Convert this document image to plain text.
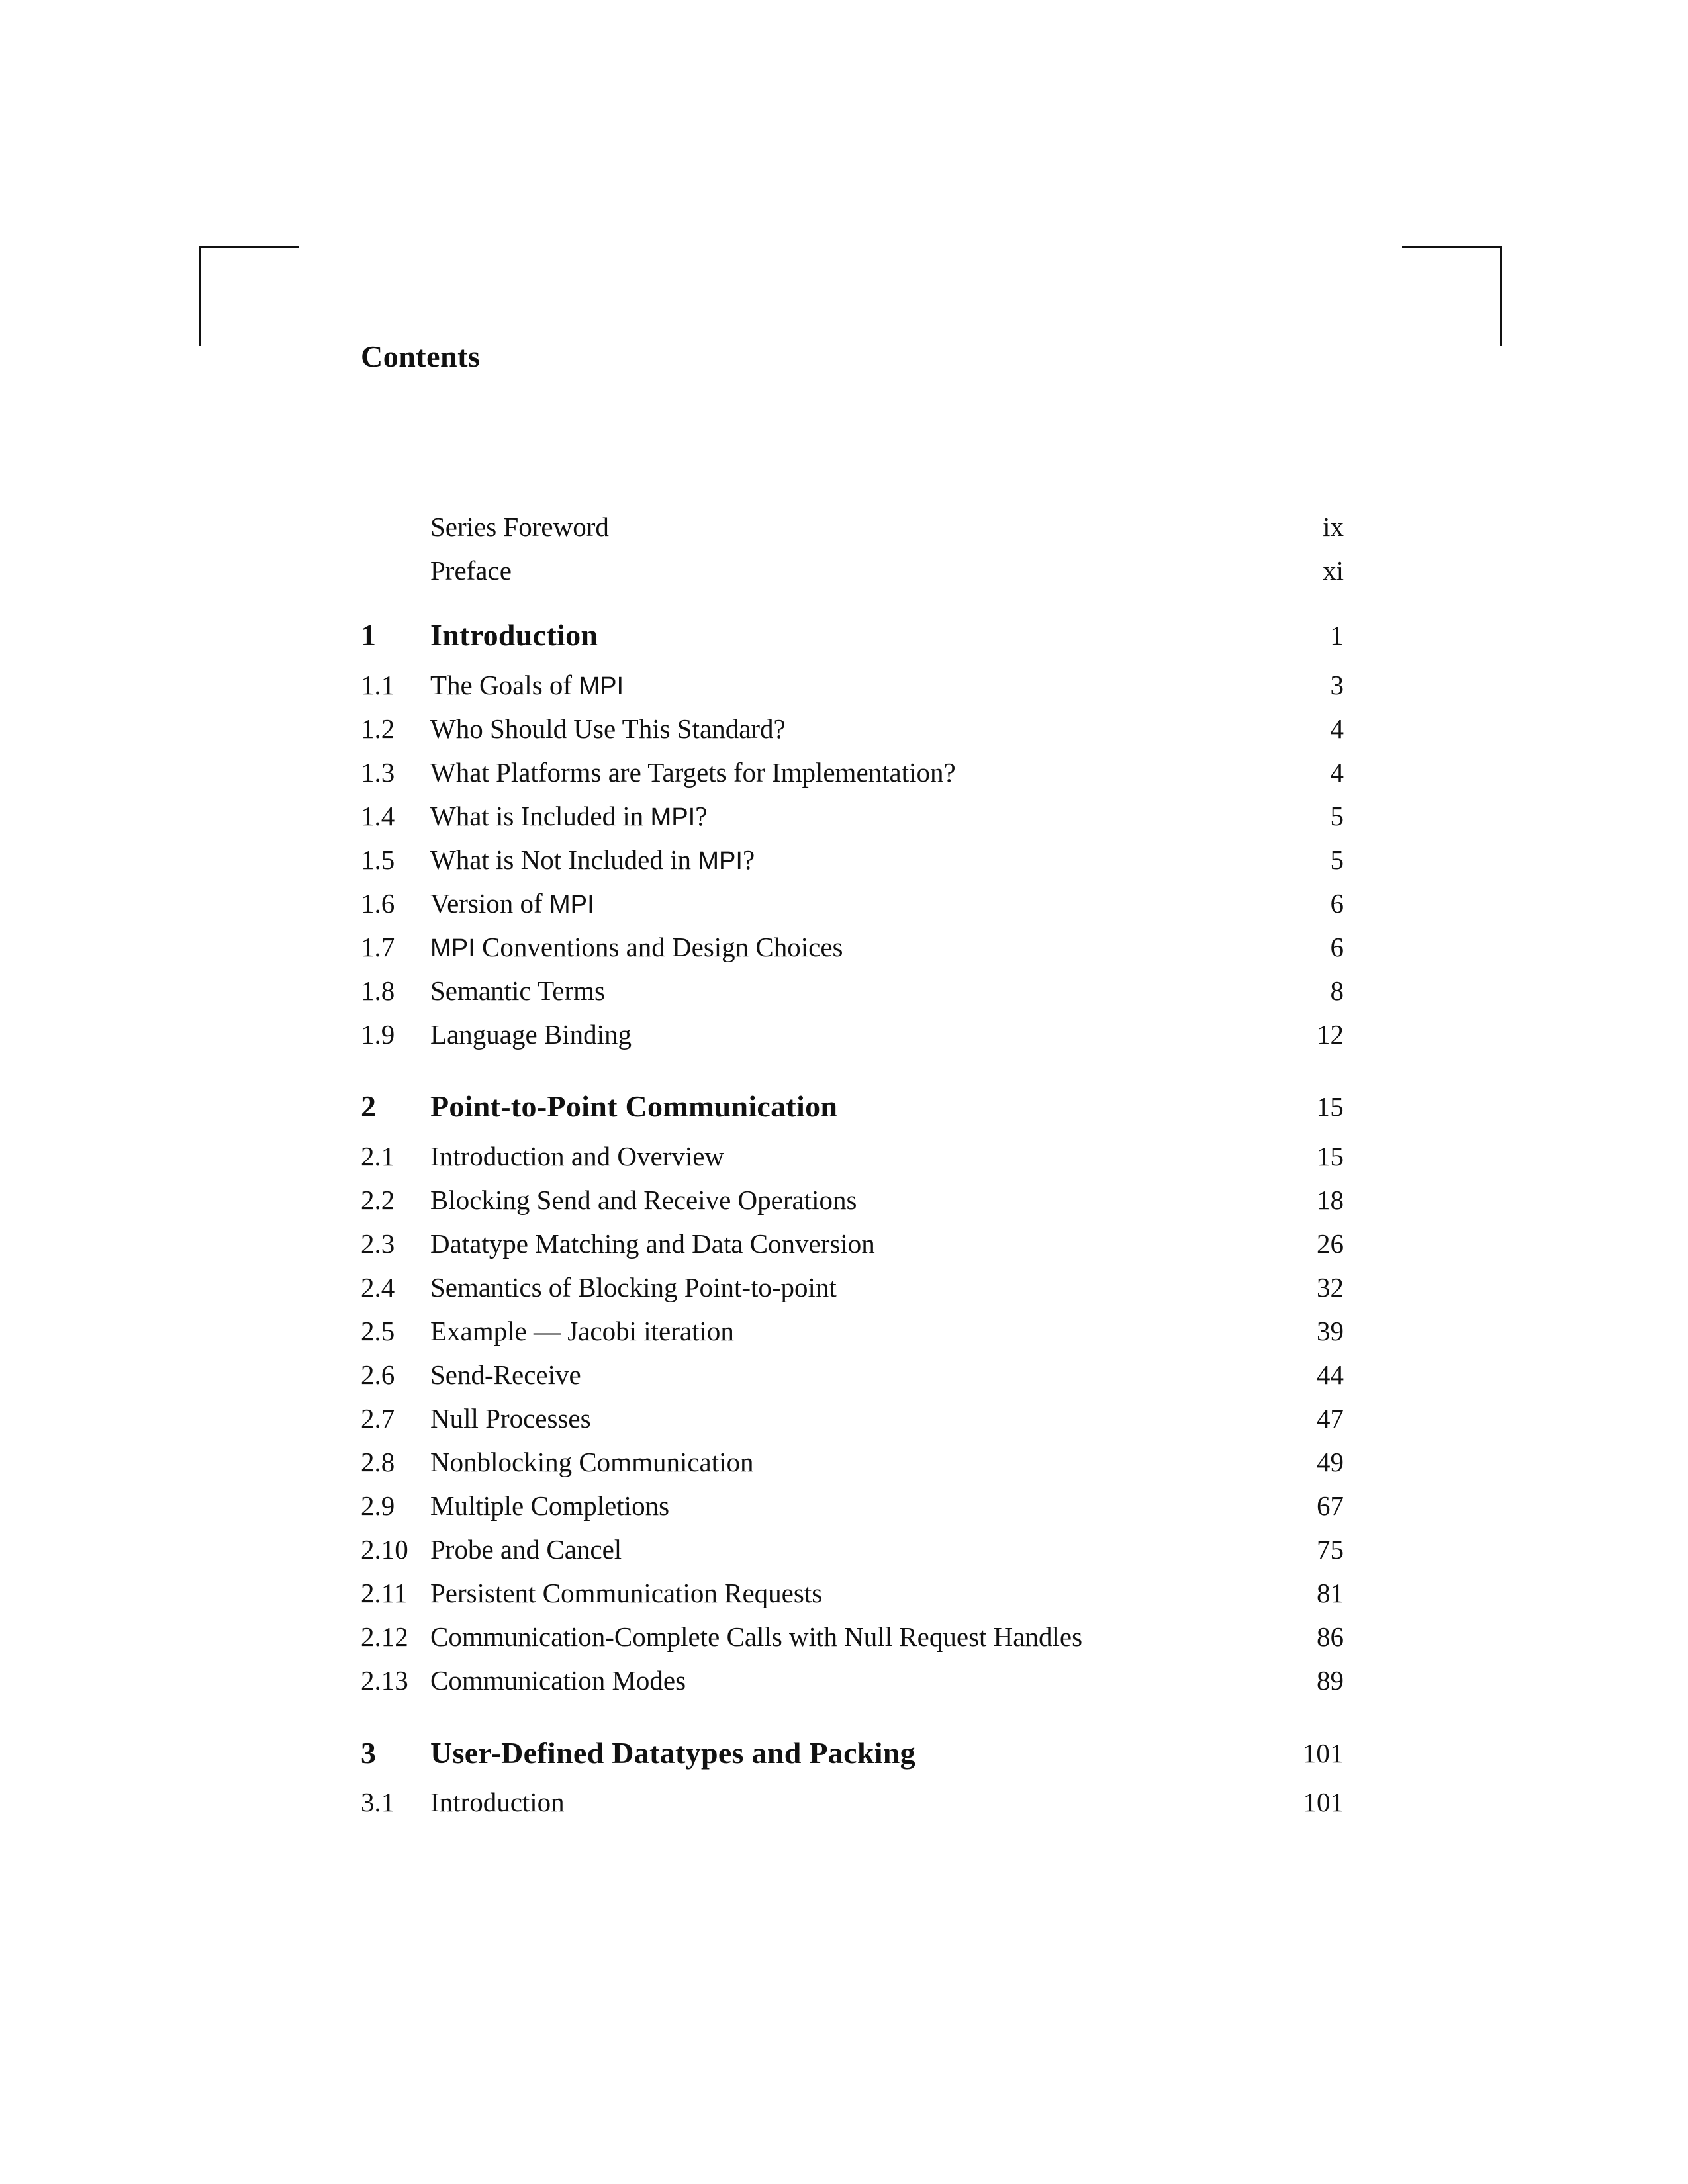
Contents
Series Foreword	ix
Preface	xi
1 Introduction	1
1.1 The Goals of MPI	3
1.2 Who Should Use This Standard?	4
1.3 What Platforms are Targets for Implementation?	4
1.4 What is Included in MPI?	5
1.5 What is Not Included in MPI?	5
1.6 Version of MPI	6
1.7 MPI Conventions and Design Choices	6
1.8 Semantic Terms	8
1.9 Language Binding	12
2 Point-to-Point Communication	15
2.1 Introduction and Overview	15
2.2 Blocking Send and Receive Operations	18
2.3 Datatype Matching and Data Conversion	26
2.4 Semantics of Blocking Point-to-point	32
2.5 Example — Jacobi iteration	39
2.6 Send-Receive	44
2.7 Null Processes	47
2.8 Nonblocking Communication	49
2.9 Multiple Completions	67
2.10 Probe and Cancel	75
2.11 Persistent Communication Requests	81
2.12 Communication-Complete Calls with Null Request Handles	86
2.13 Communication Modes	89
3 User-Defined Datatypes and Packing	101
3.1 Introduction	101
